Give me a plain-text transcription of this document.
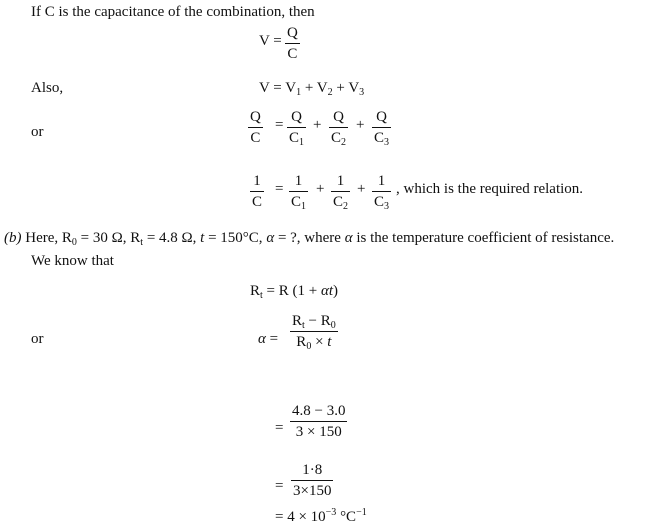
If C is the capacitance of the combination, then
V = Q
C
Also,	$V = V_1 + V_2 + V_3$
or
Q
C
= Q
$C_1$
+ Q
$C_2$
+ Q
$C_3$
1
C
= 1
$C_1$
+ 1
$C_2$
+ 1
$C_3$
, which is the required relation.
(b) Here, $R_0 = 30$ Ω, $R_t = 4.8$ Ω, t = 150°C, α = ?, where α is the temperature coefficient of resistance.
We know that
$R_t = R$ (1 + αt)
or	α =
$R_t - R_0$
$R_0 \times t$
=
4.8 − 3.0
3 × 150
=
1·8
3×150
= $4 \times 10^{-3}$ $^\circ C^{-1}$
